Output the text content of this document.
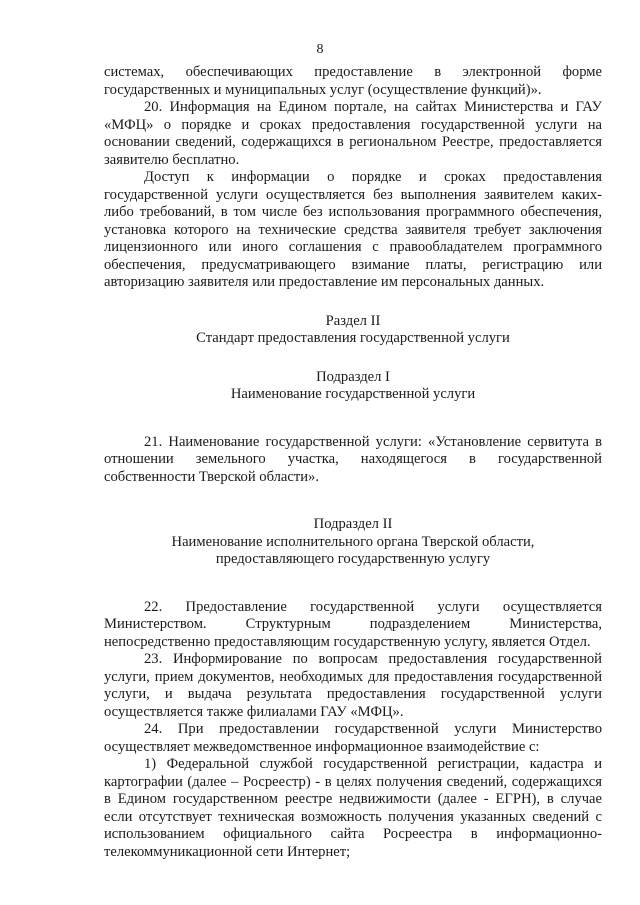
8

системах, обеспечивающих предоставление в электронной форме государственных и муниципальных услуг (осуществление функций)».

20. Информация на Едином портале, на сайтах Министерства и ГАУ «МФЦ» о порядке и сроках предоставления государственной услуги на основании сведений, содержащихся в региональном Реестре, предоставляется заявителю бесплатно.

Доступ к информации о порядке и сроках предоставления государственной услуги осуществляется без выполнения заявителем каких-либо требований, в том числе без использования программного обеспечения, установка которого на технические средства заявителя требует заключения лицензионного или иного соглашения с правообладателем программного обеспечения, предусматривающего взимание платы, регистрацию или авторизацию заявителя или предоставление им персональных данных.

Раздел II

Стандарт предоставления государственной услуги

Подраздел I

Наименование государственной услуги

21. Наименование государственной услуги: «Установление сервитута в отношении земельного участка, находящегося в государственной собственности Тверской области».

Подраздел II

Наименование исполнительного органа Тверской области,

предоставляющего государственную услугу

22. Предоставление государственной услуги осуществляется Министерством. Структурным подразделением Министерства, непосредственно предоставляющим государственную услугу, является Отдел.

23. Информирование по вопросам предоставления государственной услуги, прием документов, необходимых для предоставления государственной услуги, и выдача результата предоставления государственной услуги осуществляется также филиалами ГАУ «МФЦ».

24. При предоставлении государственной услуги Министерство осуществляет межведомственное информационное взаимодействие с:

1) Федеральной службой государственной регистрации, кадастра и картографии (далее – Росреестр) - в целях получения сведений, содержащихся в Едином государственном реестре недвижимости (далее - ЕГРН), в случае если отсутствует техническая возможность получения указанных сведений с использованием официального сайта Росреестра в информационно-телекоммуникационной сети Интернет;
